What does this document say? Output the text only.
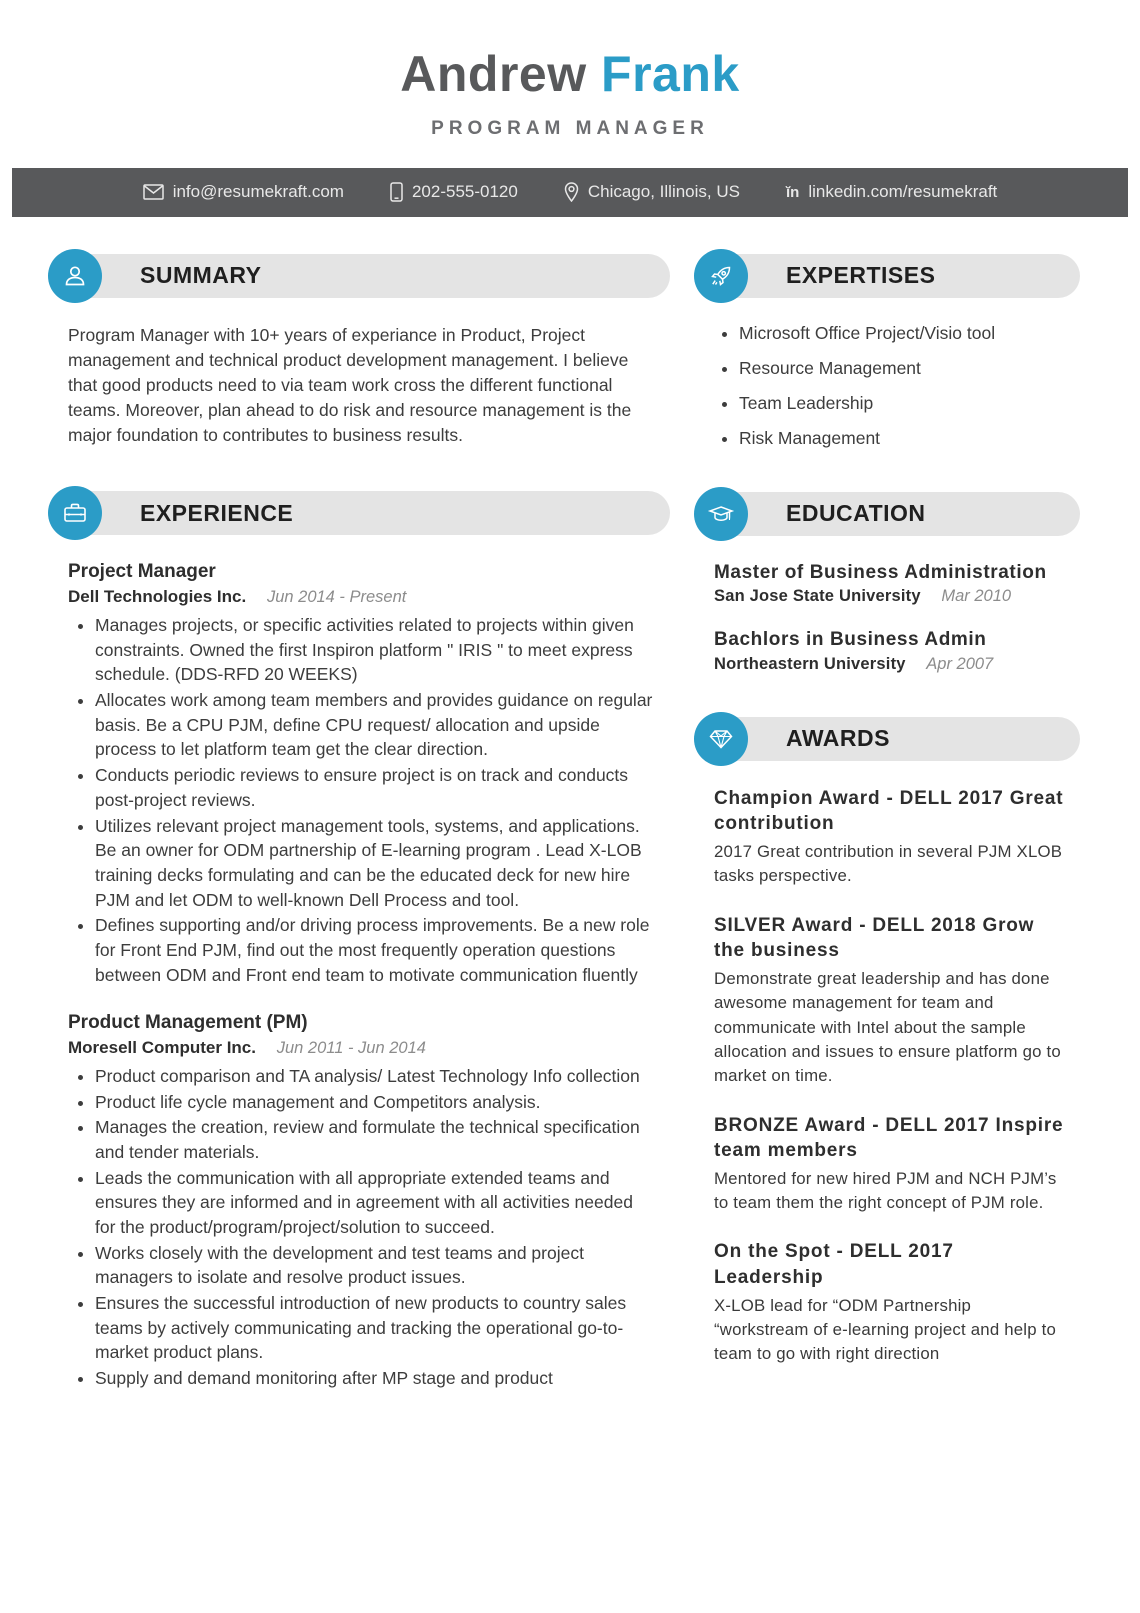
Andrew Frank
PROGRAM MANAGER
info@resumekraft.com	202-555-0120	Chicago, Illinois, US	ĭn linkedin.com/resumekraft
SUMMARY

Program Manager with 10+ years of experiance in Product, Project management and technical product development management. I believe that good products need to via team work cross the different functional teams. Moreover, plan ahead to do risk and resource management is the major foundation to contributes to business results.

EXPERIENCE
Project Manager
Dell Technologies Inc. Jun 2014 - Present
• Manages projects, or specific activities related to projects within given constraints. Owned the first Inspiron platform " IRIS " to meet express schedule. (DDS-RFD 20 WEEKS)
• Allocates work among team members and provides guidance on regular basis. Be a CPU PJM, define CPU request/ allocation and upside process to let platform team get the clear direction.
• Conducts periodic reviews to ensure project is on track and conducts post-project reviews.
• Utilizes relevant project management tools, systems, and applications. Be an owner for ODM partnership of E-learning program . Lead X-LOB training decks formulating and can be the educated deck for new hire PJM and let ODM to well-known Dell Process and tool.
• Defines supporting and/or driving process improvements. Be a new role for Front End PJM, find out the most frequently operation questions between ODM and Front end team to motivate communication fluently
Product Management (PM)
Moresell Computer Inc. Jun 2011 - Jun 2014
• Product comparison and TA analysis/ Latest Technology Info collection
• Product life cycle management and Competitors analysis.
• Manages the creation, review and formulate the technical specification and tender materials.
• Leads the communication with all appropriate extended teams and ensures they are informed and in agreement with all activities needed for the product/program/project/solution to succeed.
• Works closely with the development and test teams and project managers to isolate and resolve product issues.
• Ensures the successful introduction of new products to country sales teams by actively communicating and tracking the operational go-to-market product plans.
• Supply and demand monitoring after MP stage and product
EXPERTISES
• Microsoft Office Project/Visio tool
• Resource Management
• Team Leadership
• Risk Management
EDUCATION
Master of Business Administration
San Jose State University Mar 2010
Bachlors in Business Admin
Northeastern University Apr 2007
AWARDS
Champion Award - DELL 2017 Great contribution
2017 Great contribution in several PJM XLOB tasks perspective.
SILVER Award - DELL 2018 Grow the business
Demonstrate great leadership and has done awesome management for team and communicate with Intel about the sample allocation and issues to ensure platform go to market on time.
BRONZE Award - DELL 2017 Inspire team members
Mentored for new hired PJM and NCH PJM’s to team them the right concept of PJM role.
On the Spot - DELL 2017 Leadership
X-LOB lead for “ODM Partnership “workstream of e-learning project and help to team to go with right direction
